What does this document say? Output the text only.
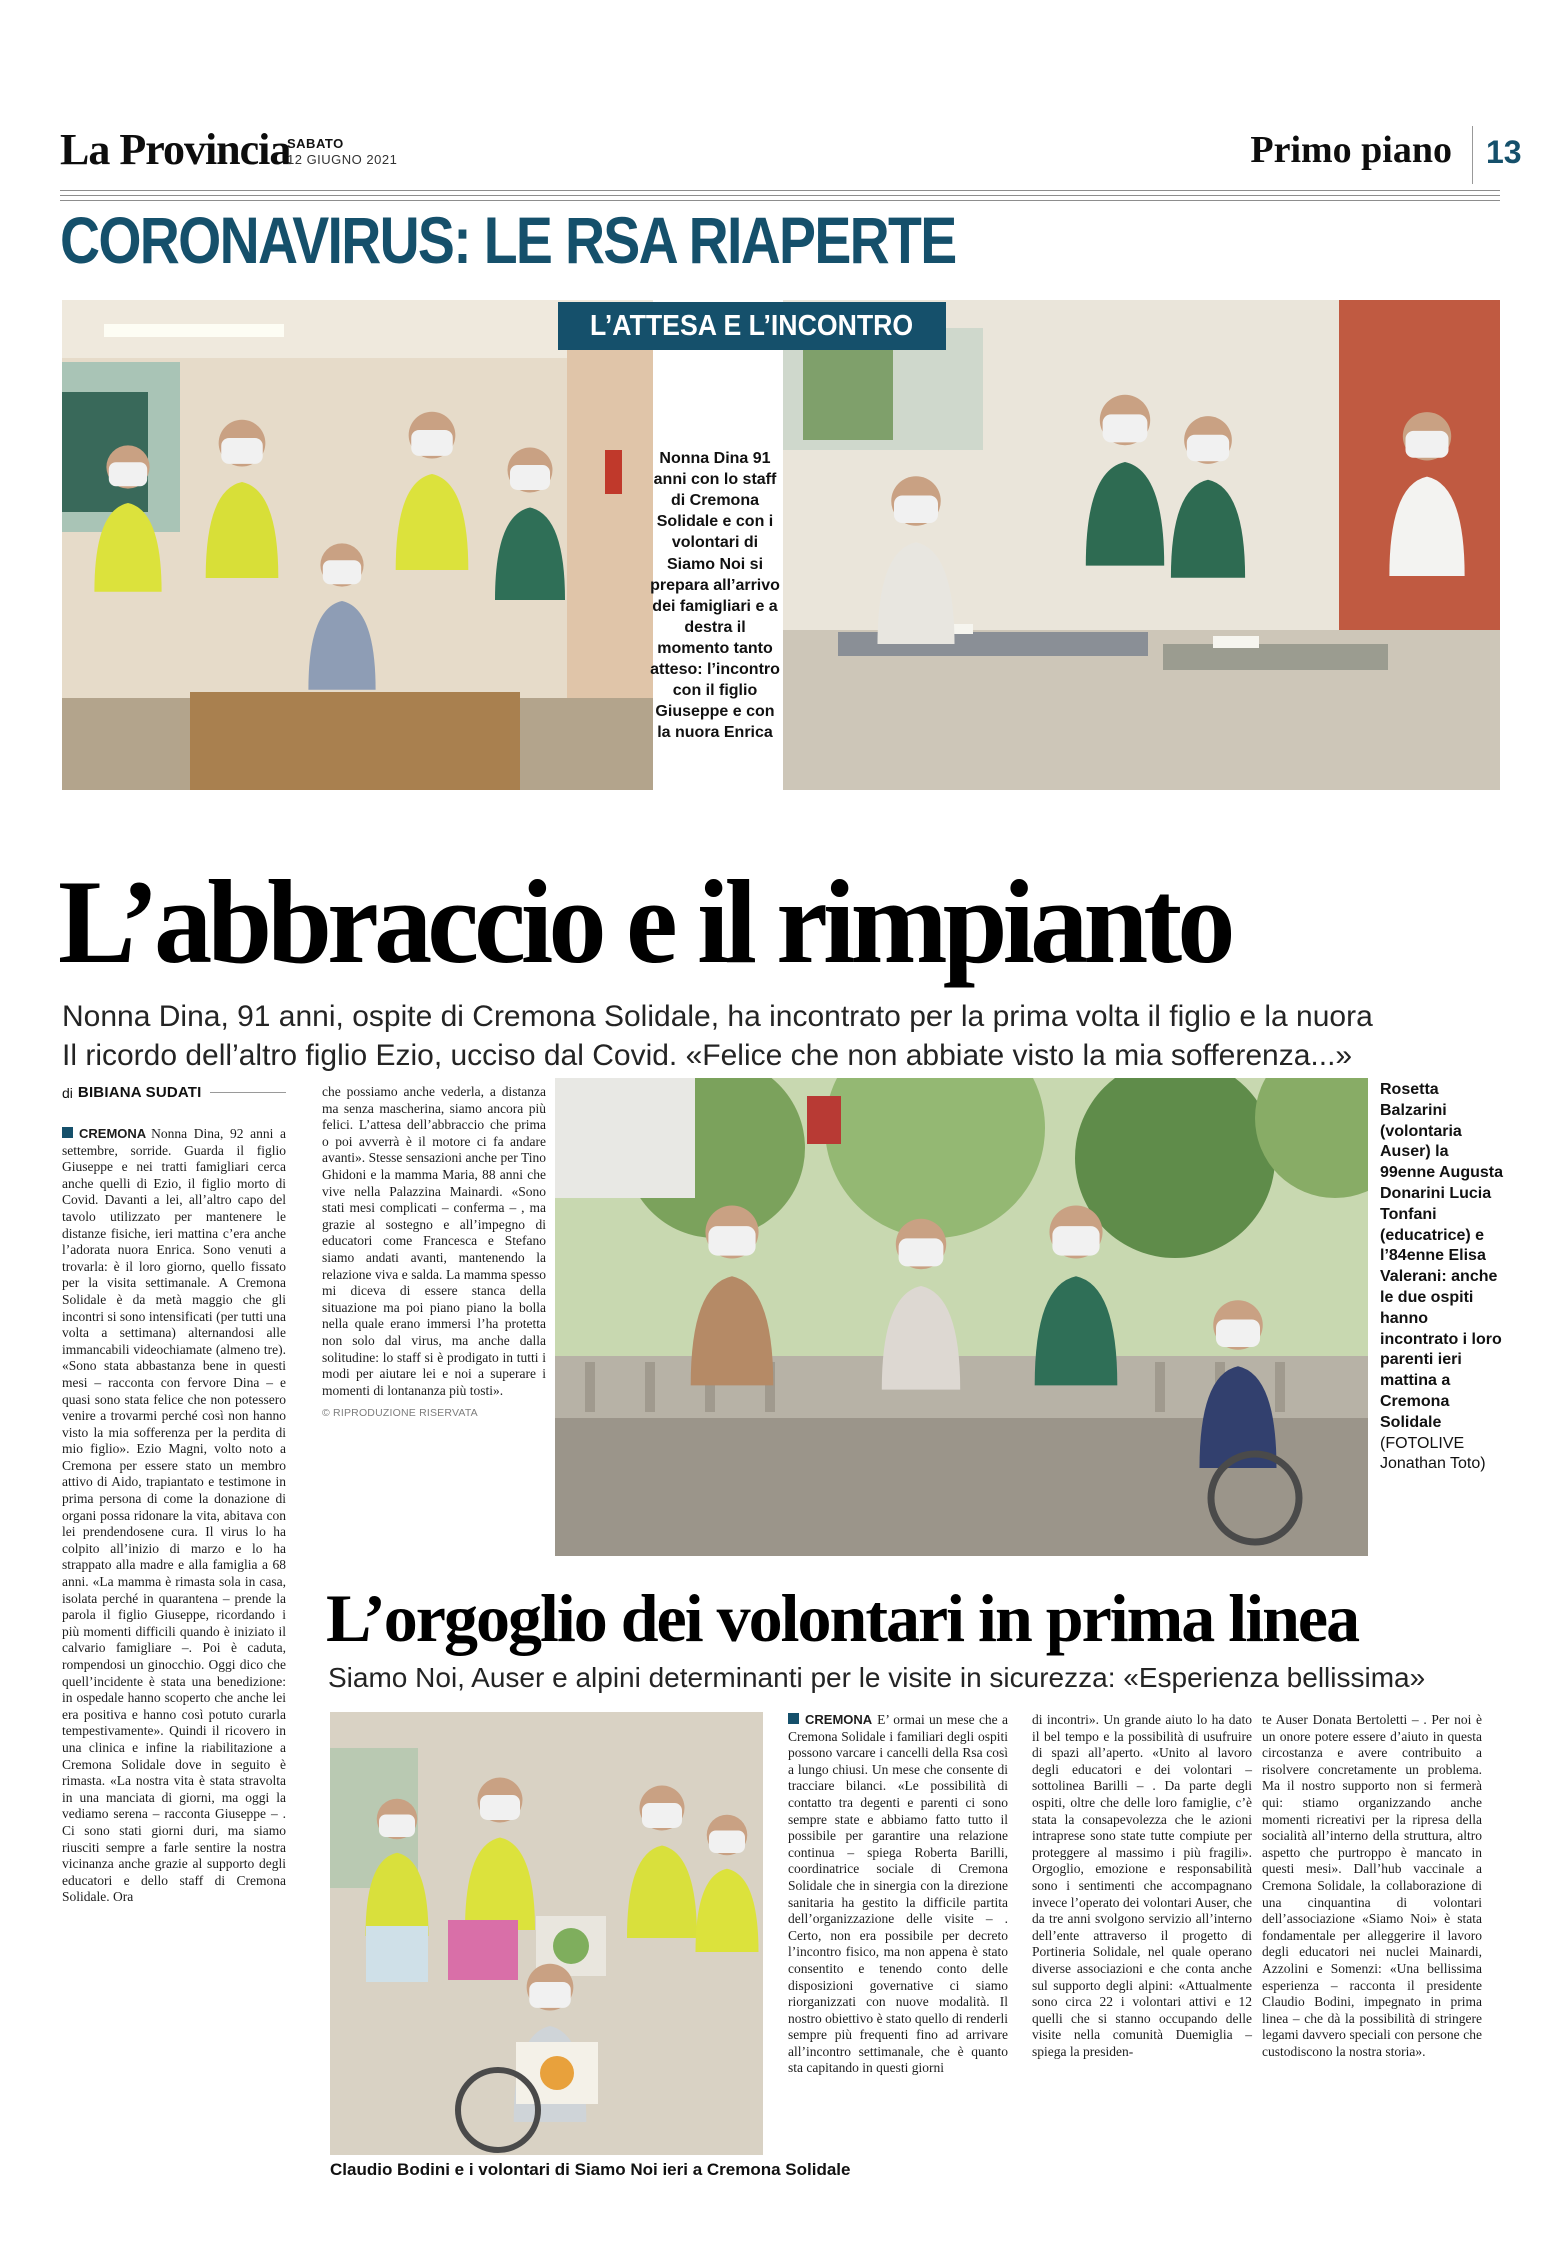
La Provincia
SABATO
12 GIUGNO 2021	Primo piano 13
CORONAVIRUS: LE RSA RIAPERTE
L’ATTESA E L’INCONTRO
Nonna Dina 91 anni con lo staff di Cremona Solidale e con i volontari di Siamo Noi si prepara all’arrivo dei famigliari e a destra il momento tanto atteso: l’incontro con il figlio Giuseppe e con la nuora Enrica
L’abbraccio e il rimpianto
Nonna Dina, 91 anni, ospite di Cremona Solidale, ha incontrato per la prima volta il figlio e la nuora
Il ricordo dell’altro figlio Ezio, ucciso dal Covid. «Felice che non abbiate visto la mia sofferenza...»
di BIBIANA SUDATI
CREMONA Nonna Dina, 92 anni a settembre, sorride. Guarda il figlio Giuseppe e nei tratti famigliari cerca anche quelli di Ezio, il figlio morto di Covid. Davanti a lei, all’altro capo del tavolo utilizzato per mantenere le distanze fisiche, ieri mattina c’era anche l’adorata nuora Enrica. Sono venuti a trovarla: è il loro giorno, quello fissato per la visita settimanale. A Cremona Solidale è da metà maggio che gli incontri si sono intensificati (per tutti una volta a settimana) alternandosi alle immancabili videochiamate (almeno tre). «Sono stata abbastanza bene in questi mesi – racconta con fervore Dina – e quasi sono stata felice che non potessero venire a trovarmi perché così non hanno visto la mia sofferenza per la perdita di mio figlio». Ezio Magni, volto noto a Cremona per essere stato un membro attivo di Aido, trapiantato e testimone in prima persona di come la donazione di organi possa ridonare la vita, abitava con lei prendendosene cura. Il virus lo ha colpito all’inizio di marzo e lo ha strappato alla madre e alla famiglia a 68 anni. «La mamma è rimasta sola in casa, isolata perché in quarantena – prende la parola il figlio Giuseppe, ricordando i più momenti difficili quando è iniziato il calvario famigliare –. Poi è caduta, rompendosi un ginocchio. Oggi dico che quell’incidente è stata una benedizione: in ospedale hanno scoperto che anche lei era positiva e hanno così potuto curarla tempestivamente». Quindi il ricovero in una clinica e infine la riabilitazione a Cremona Solidale dove in seguito è rimasta. «La nostra vita è stata stravolta in una manciata di giorni, ma oggi la vediamo serena – racconta Giuseppe – . Ci sono stati giorni duri, ma siamo riusciti sempre a farle sentire la nostra vicinanza anche grazie al supporto degli educatori e dello staff di Cremona Solidale. Ora
che possiamo anche vederla, a distanza ma senza mascherina, siamo ancora più felici. L’attesa dell’abbraccio che prima o poi avverrà è il motore ci fa andare avanti». Stesse sensazioni anche per Tino Ghidoni e la mamma Maria, 88 anni che vive nella Palazzina Mainardi. «Sono stati mesi complicati – conferma – , ma grazie al sostegno e all’impegno di educatori come Francesca e Stefano siamo andati avanti, mantenendo la relazione viva e salda. La mamma spesso mi diceva di essere stanca della situazione ma poi piano piano la bolla nella quale erano immersi l’ha protetta non solo dal virus, ma anche dalla solitudine: lo staff si è prodigato in tutti i modi per aiutare lei e noi a superare i momenti di lontananza più tosti».
© RIPRODUZIONE RISERVATA
Rosetta Balzarini (volontaria Auser) la 99enne Augusta Donarini Lucia Tonfani (educatrice) e l’84enne Elisa Valerani: anche le due ospiti hanno incontrato i loro parenti ieri mattina a Cremona Solidale (FOTOLIVE Jonathan Toto)
L’orgoglio dei volontari in prima linea
Siamo Noi, Auser e alpini determinanti per le visite in sicurezza: «Esperienza bellissima»
Claudio Bodini e i volontari di Siamo Noi ieri a Cremona Solidale
CREMONA E’ ormai un mese che a Cremona Solidale i familiari degli ospiti possono varcare i cancelli della Rsa così a lungo chiusi. Un mese che consente di tracciare bilanci. «Le possibilità di contatto tra degenti e parenti ci sono sempre state e abbiamo fatto tutto il possibile per garantire una relazione continua – spiega Roberta Barilli, coordinatrice sociale di Cremona Solidale che in sinergia con la direzione sanitaria ha gestito la difficile partita dell’organizzazione delle visite – . Certo, non era possibile per decreto l’incontro fisico, ma non appena è stato consentito e tenendo conto delle disposizioni governative ci siamo riorganizzati con nuove modalità. Il nostro obiettivo è stato quello di renderli sempre più frequenti fino ad arrivare all’incontro settimanale, che è quanto sta capitando in questi giorni
di incontri». Un grande aiuto lo ha dato il bel tempo e la possibilità di usufruire di spazi all’aperto. «Unito al lavoro degli educatori e dei volontari – sottolinea Barilli – . Da parte degli ospiti, oltre che delle loro famiglie, c’è stata la consapevolezza che le azioni intraprese sono state tutte compiute per proteggere al massimo i più fragili». Orgoglio, emozione e responsabilità sono i sentimenti che accompagnano invece l’operato dei volontari Auser, che da tre anni svolgono servizio all’interno dell’ente attraverso il progetto di Portineria Solidale, nel quale operano diverse associazioni e che conta anche sul supporto degli alpini: «Attualmente sono circa 22 i volontari attivi e 12 quelli che si stanno occupando delle visite nella comunità Duemiglia – spiega la presiden-
te Auser Donata Bertoletti – . Per noi è un onore potere essere d’aiuto in questa circostanza e avere contribuito a risolvere concretamente un problema. Ma il nostro supporto non si fermerà qui: stiamo organizzando anche momenti ricreativi per la ripresa della socialità all’interno della struttura, altro aspetto che purtroppo è mancato in questi mesi». Dall’hub vaccinale a Cremona Solidale, la collaborazione di una cinquantina di volontari dell’associazione «Siamo Noi» è stata fondamentale per alleggerire il lavoro degli educatori nei nuclei Mainardi, Azzolini e Somenzi: «Una bellissima esperienza – racconta il presidente Claudio Bodini, impegnato in prima linea – che dà la possibilità di stringere legami davvero speciali con persone che custodiscono la nostra storia».
